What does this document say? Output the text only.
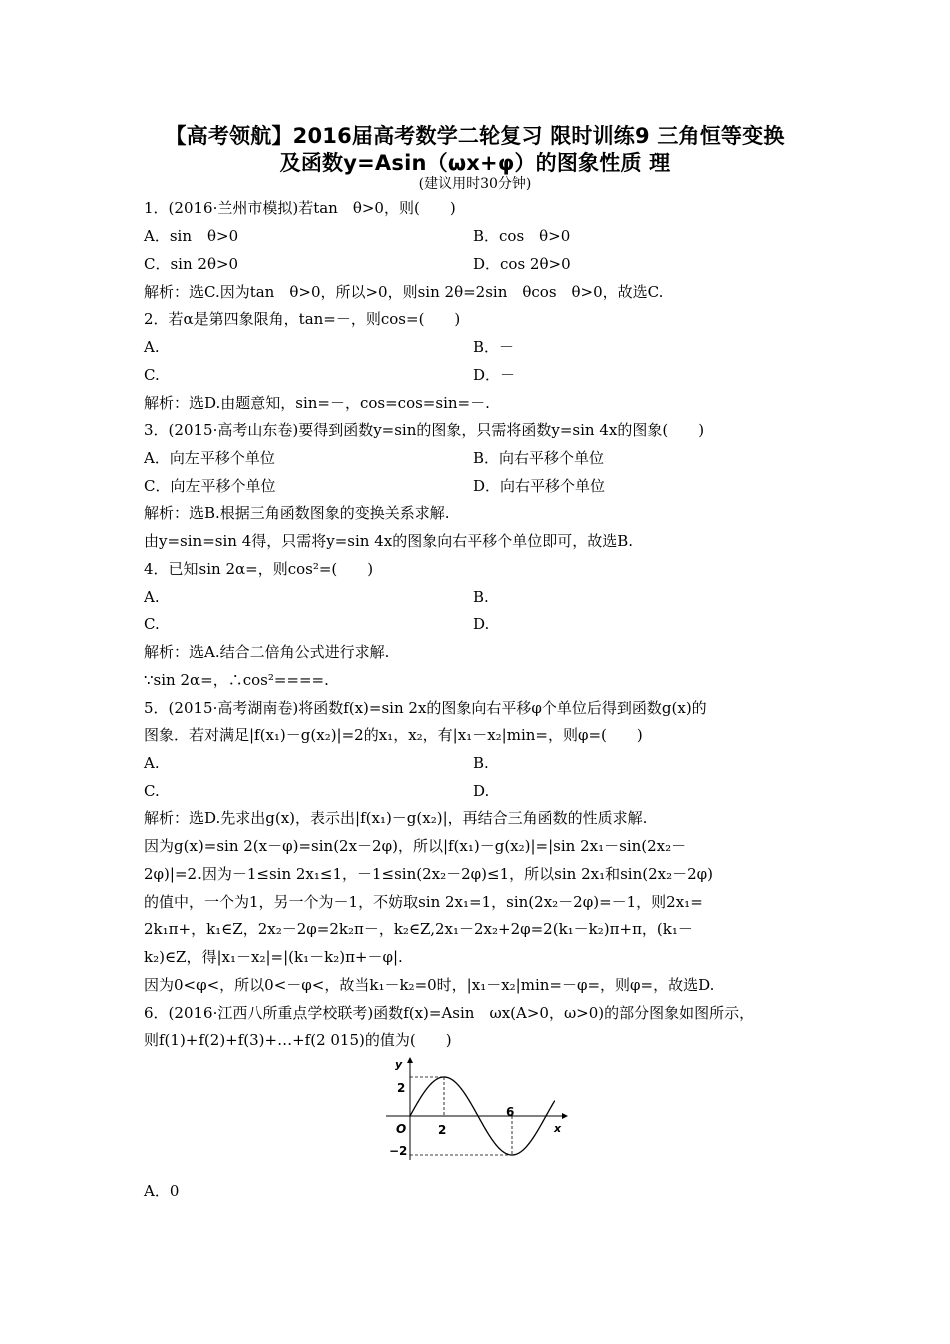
【高考领航】2016届高考数学二轮复习 限时训练9 三角恒等变换
及函数y=Asin（ωx+φ）的图象性质 理
(建议用时30分钟)
1．(2016·兰州市模拟)若tan　θ>0，则(　　)
A．sin　θ>0	B．cos　θ>0
C．sin 2θ>0	D．cos 2θ>0
解析：选C.因为tan　θ>0，所以>0，则sin 2θ=2sin　θcos　θ>0，故选C.
2．若α是第四象限角，tan=－，则cos=(　　)
A.	B．－
C.	D．－
解析：选D.由题意知，sin=－，cos=cos=sin=－.
3．(2015·高考山东卷)要得到函数y=sin的图象，只需将函数y=sin 4x的图象(　　)
A．向左平移个单位	B．向右平移个单位
C．向左平移个单位	D．向右平移个单位
解析：选B.根据三角函数图象的变换关系求解.
由y=sin=sin 4得，只需将y=sin 4x的图象向右平移个单位即可，故选B.
4．已知sin 2α=，则cos²=(　　)
A.	B.
C.	D.
解析：选A.结合二倍角公式进行求解.
∵sin 2α=，∴cos²====.
5．(2015·高考湖南卷)将函数f(x)=sin 2x的图象向右平移φ个单位后得到函数g(x)的
图象．若对满足|f(x₁)－g(x₂)|=2的x₁，x₂，有|x₁－x₂|min=，则φ=(　　)
A.	B.
C.	D.
解析：选D.先求出g(x)，表示出|f(x₁)－g(x₂)|，再结合三角函数的性质求解.
因为g(x)=sin 2(x－φ)=sin(2x－2φ)，所以|f(x₁)－g(x₂)|=|sin 2x₁－sin(2x₂－
2φ)|=2.因为－1≤sin 2x₁≤1，－1≤sin(2x₂－2φ)≤1，所以sin 2x₁和sin(2x₂－2φ)
的值中，一个为1，另一个为－1，不妨取sin 2x₁=1，sin(2x₂－2φ)=－1，则2x₁=
2k₁π+，k₁∈Z，2x₂－2φ=2k₂π－，k₂∈Z,2x₁－2x₂+2φ=2(k₁－k₂)π+π，(k₁－
k₂)∈Z，得|x₁－x₂|=|(k₁－k₂)π+－φ|.
因为0<φ<，所以0<－φ<，故当k₁－k₂=0时，|x₁－x₂|min=－φ=，则φ=，故选D.
6．(2016·江西八所重点学校联考)函数f(x)=Asin　ωx(A>0，ω>0)的部分图象如图所示，
则f(1)+f(2)+f(3)+…+f(2 015)的值为(　　)
y
x
O
2
−2
2
6
A．0
